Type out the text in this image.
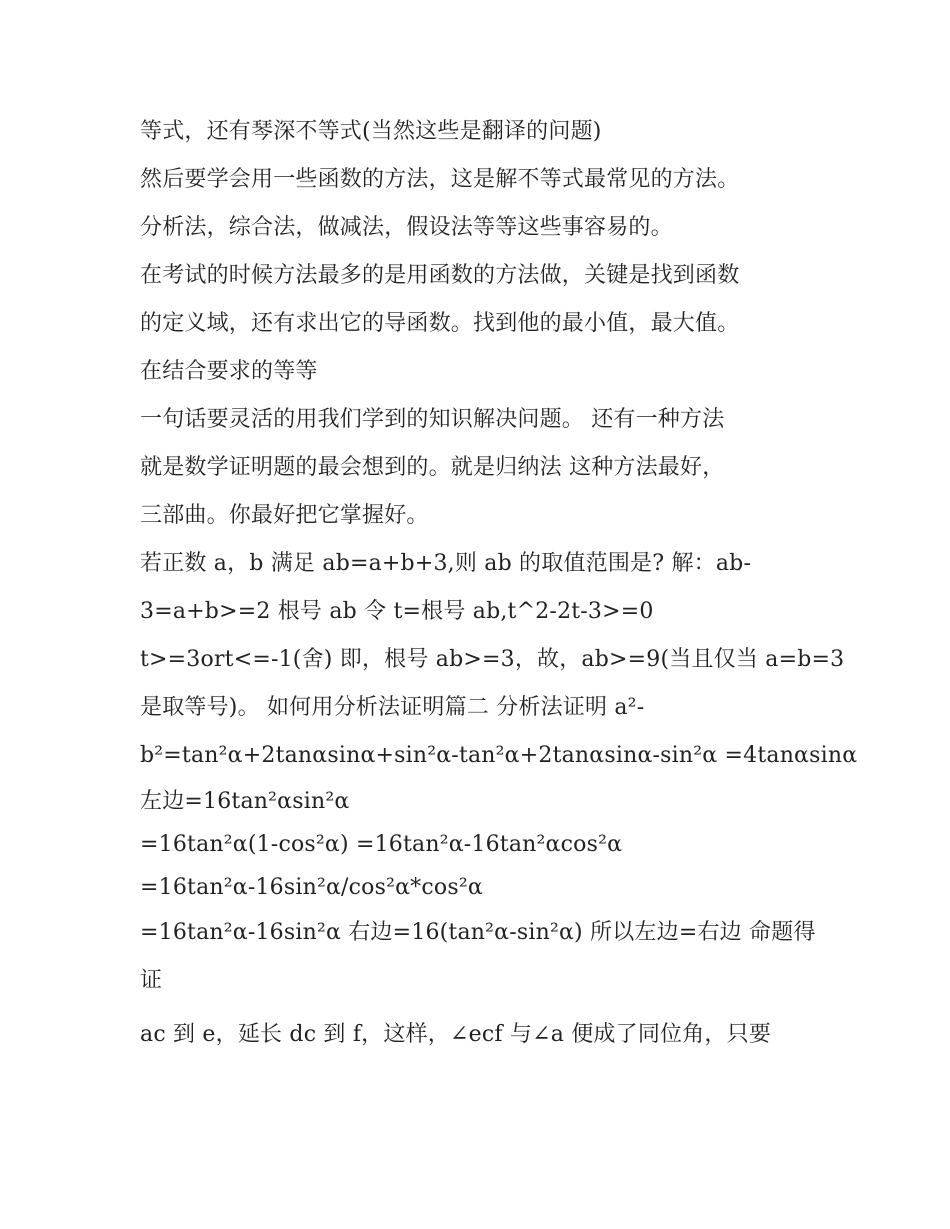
等式，还有琴深不等式(当然这些是翻译的问题)
然后要学会用一些函数的方法，这是解不等式最常见的方法。
分析法，综合法，做减法，假设法等等这些事容易的。
在考试的时候方法最多的是用函数的方法做，关键是找到函数
的定义域，还有求出它的导函数。找到他的最小值，最大值。
在结合要求的等等
一句话要灵活的用我们学到的知识解决问题。 还有一种方法
就是数学证明题的最会想到的。就是归纳法 这种方法最好，
三部曲。你最好把它掌握好。
若正数 a，b 满足 ab=a+b+3,则 ab 的取值范围是? 解：ab-
3=a+b>=2 根号 ab 令 t=根号 ab,t^2-2t-3>=0
t>=3ort<=-1(舍) 即，根号 ab>=3，故，ab>=9(当且仅当 a=b=3
是取等号)。 如何用分析法证明篇二 分析法证明 a²-
b²=tan²α+2tanαsinα+sin²α-tan²α+2tanαsinα-sin²α =4tanαsinα
左边=16tan²αsin²α
=16tan²α(1-cos²α) =16tan²α-16tan²αcos²α
=16tan²α-16sin²α/cos²α*cos²α
=16tan²α-16sin²α 右边=16(tan²α-sin²α) 所以左边=右边 命题得
证
ac 到 e，延长 dc 到 f，这样，∠ecf 与∠a 便成了同位角，只要
